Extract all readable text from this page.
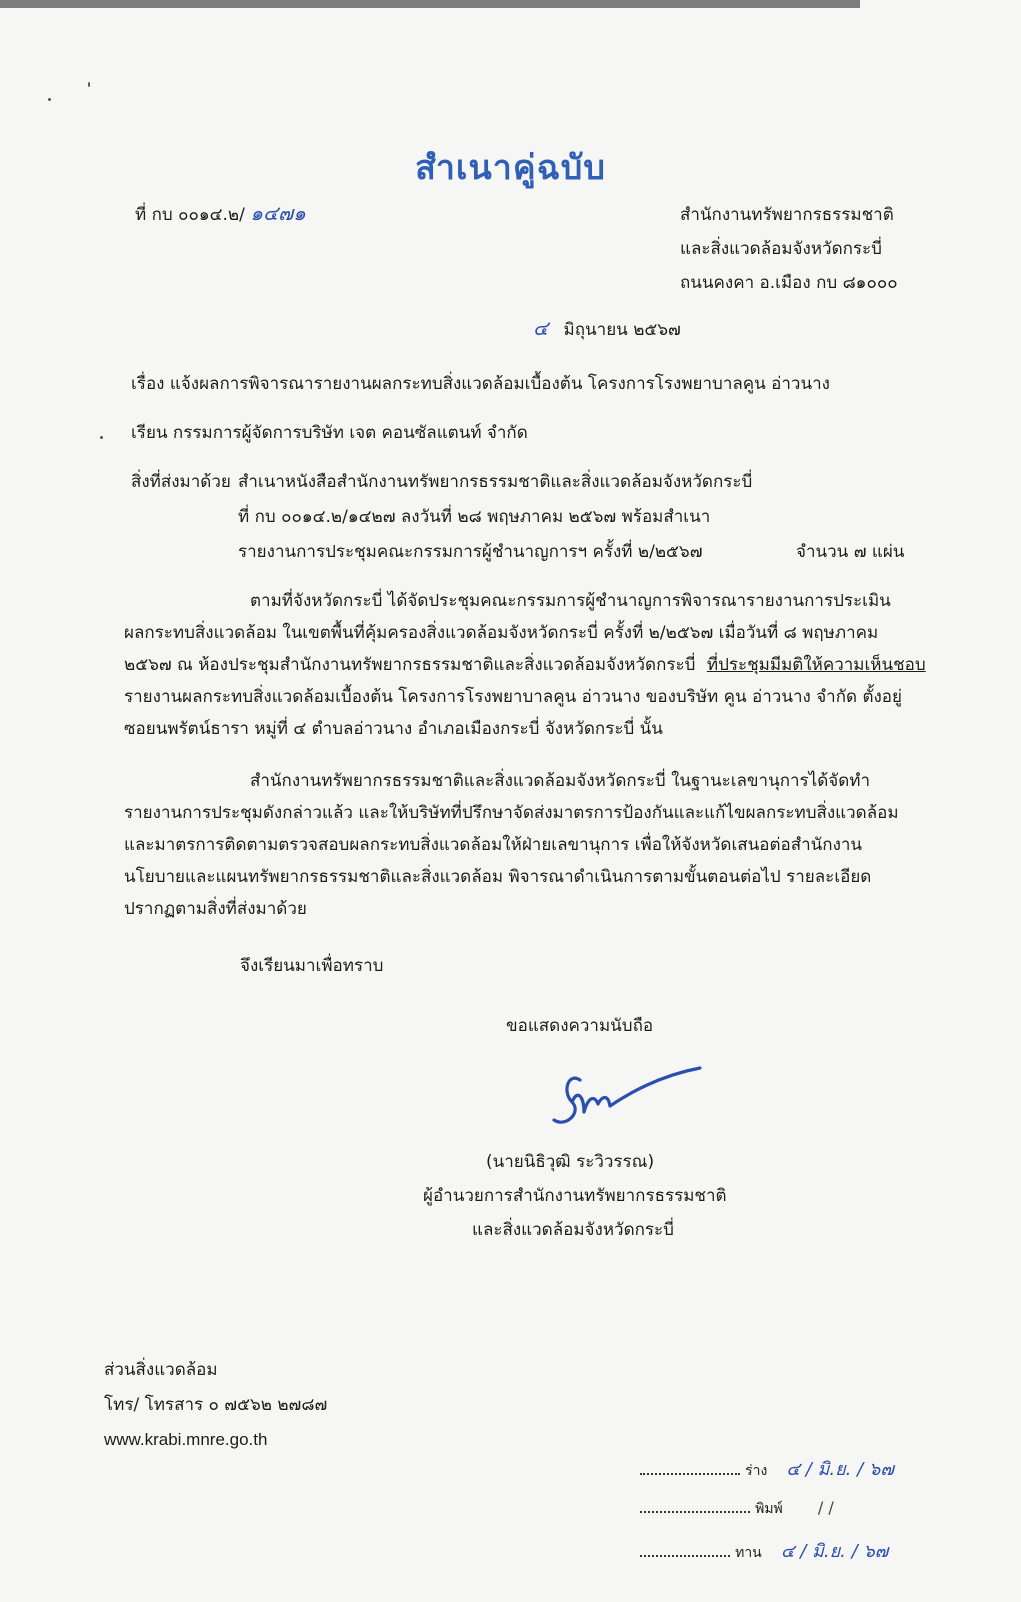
สำเนาคู่ฉบับ
ที่ กบ ๐๐๑๔.๒/ ๑๔๗๑	สำนักงานทรัพยากรธรรมชาติ
และสิ่งแวดล้อมจังหวัดกระบี่
ถนนคงคา อ.เมือง กบ ๘๑๐๐๐
๔ มิถุนายน ๒๕๖๗
เรื่อง แจ้งผลการพิจารณารายงานผลกระทบสิ่งแวดล้อมเบื้องต้น โครงการโรงพยาบาลคูน อ่าวนาง
เรียน กรรมการผู้จัดการบริษัท เจต คอนซัลแตนท์ จำกัด
สิ่งที่ส่งมาด้วย สำเนาหนังสือสำนักงานทรัพยากรธรรมชาติและสิ่งแวดล้อมจังหวัดกระบี่
ที่ กบ ๐๐๑๔.๒/๑๔๒๗ ลงวันที่ ๒๘ พฤษภาคม ๒๕๖๗ พร้อมสำเนา
รายงานการประชุมคณะกรรมการผู้ชำนาญการฯ ครั้งที่ ๒/๒๕๖๗	จำนวน ๗ แผ่น
ตามที่จังหวัดกระบี่ ได้จัดประชุมคณะกรรมการผู้ชำนาญการพิจารณารายงานการประเมิน
ผลกระทบสิ่งแวดล้อม ในเขตพื้นที่คุ้มครองสิ่งแวดล้อมจังหวัดกระบี่ ครั้งที่ ๒/๒๕๖๗ เมื่อวันที่ ๘ พฤษภาคม
๒๕๖๗ ณ ห้องประชุมสำนักงานทรัพยากรธรรมชาติและสิ่งแวดล้อมจังหวัดกระบี่ ที่ประชุมมีมติให้ความเห็นชอบ
รายงานผลกระทบสิ่งแวดล้อมเบื้องต้น โครงการโรงพยาบาลคูน อ่าวนาง ของบริษัท คูน อ่าวนาง จำกัด ตั้งอยู่
ซอยนพรัตน์ธารา หมู่ที่ ๔ ตำบลอ่าวนาง อำเภอเมืองกระบี่ จังหวัดกระบี่ นั้น
สำนักงานทรัพยากรธรรมชาติและสิ่งแวดล้อมจังหวัดกระบี่ ในฐานะเลขานุการได้จัดทำ
รายงานการประชุมดังกล่าวแล้ว และให้บริษัทที่ปรึกษาจัดส่งมาตรการป้องกันและแก้ไขผลกระทบสิ่งแวดล้อม
และมาตรการติดตามตรวจสอบผลกระทบสิ่งแวดล้อมให้ฝ่ายเลขานุการ เพื่อให้จังหวัดเสนอต่อสำนักงาน
นโยบายและแผนทรัพยากรธรรมชาติและสิ่งแวดล้อม พิจารณาดำเนินการตามขั้นตอนต่อไป รายละเอียด
ปรากฏตามสิ่งที่ส่งมาด้วย
จึงเรียนมาเพื่อทราบ
ขอแสดงความนับถือ
(นายนิธิวุฒิ ระวิวรรณ)
ผู้อำนวยการสำนักงานทรัพยากรธรรมชาติ
และสิ่งแวดล้อมจังหวัดกระบี่
ส่วนสิ่งแวดล้อม
โทร/ โทรสาร ๐ ๗๕๖๒ ๒๗๘๗
www.krabi.mnre.go.th
ร่าง ๔ / มิ.ย. / ๖๗
พิมพ์ / /
ทาน ๔ / มิ.ย. / ๖๗
